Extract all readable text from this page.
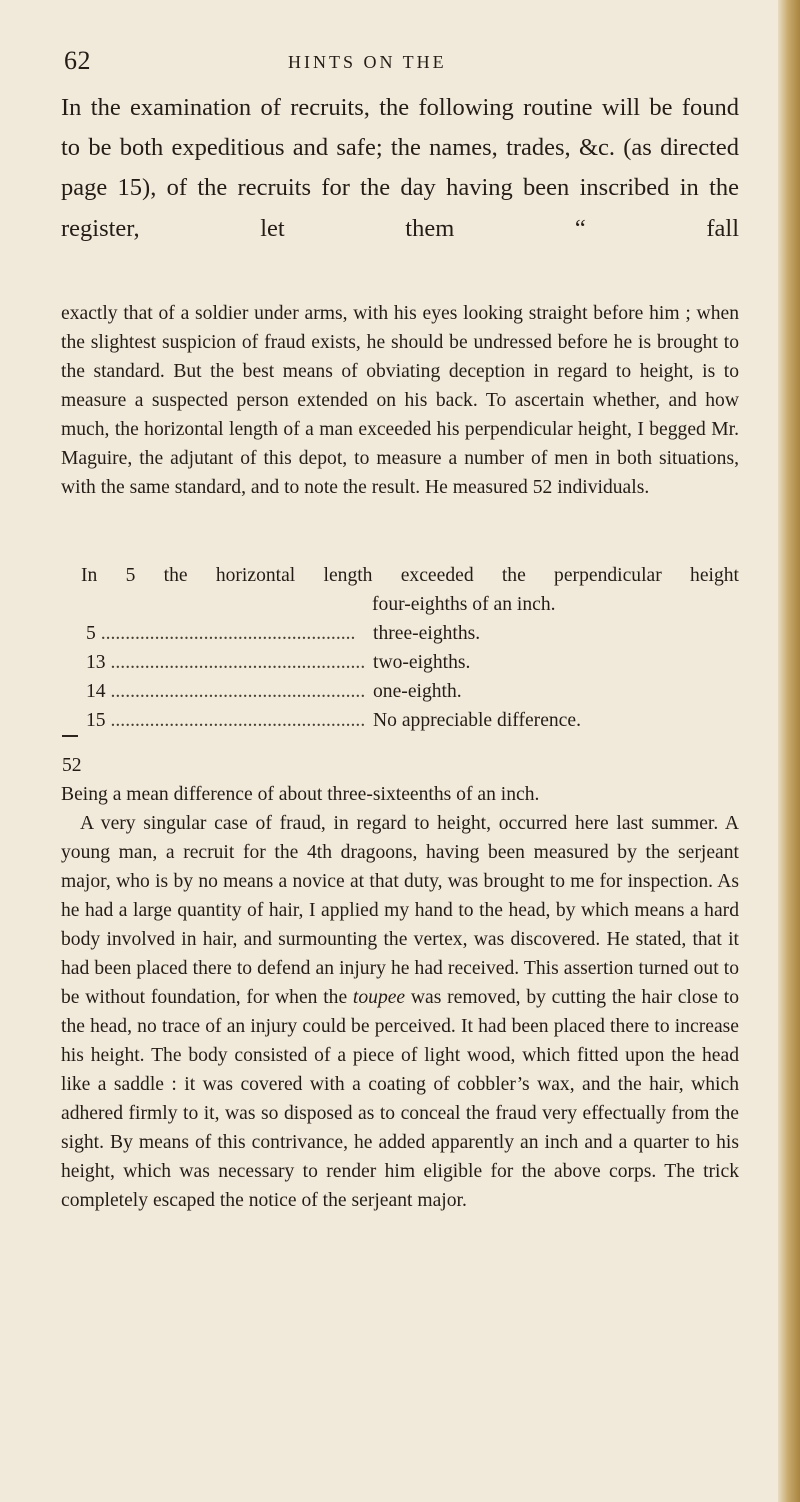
62	HINTS ON THE

In the examination of recruits, the following routine will be found to be both expeditious and safe; the names, trades, &c. (as directed page 15), of the recruits for the day having been inscribed in the register, let them “ fall

exactly that of a soldier under arms, with his eyes looking straight before him ; when the slightest suspicion of fraud exists, he should be undressed before he is brought to the standard. But the best means of obviating deception in regard to height, is to measure a suspected person extended on his back. To ascertain whether, and how much, the horizontal length of a man exceeded his perpendicular height, I begged Mr. Maguire, the adjutant of this depot, to measure a number of men in both situations, with the same standard, and to note the result. He measured 52 individuals.

In 5 the horizontal length exceeded the perpendicular height

four-eighths of an inch.
5 .................................................... three-eighths.
13 .................................................... two-eighths.
14 .................................................... one-eighth.
15 .................................................... No appreciable difference.
52

Being a mean difference of about three-sixteenths of an inch.

A very singular case of fraud, in regard to height, occurred here last summer. A young man, a recruit for the 4th dragoons, having been measured by the serjeant major, who is by no means a novice at that duty, was brought to me for inspection. As he had a large quantity of hair, I applied my hand to the head, by which means a hard body involved in hair, and surmounting the vertex, was discovered. He stated, that it had been placed there to defend an injury he had received. This assertion turned out to be without foundation, for when the toupee was removed, by cutting the hair close to the head, no trace of an injury could be perceived. It had been placed there to increase his height. The body consisted of a piece of light wood, which fitted upon the head like a saddle : it was covered with a coating of cobbler’s wax, and the hair, which adhered firmly to it, was so disposed as to conceal the fraud very effectually from the sight. By means of this contrivance, he added apparently an inch and a quarter to his height, which was necessary to render him eligible for the above corps. The trick completely escaped the notice of the serjeant major.
